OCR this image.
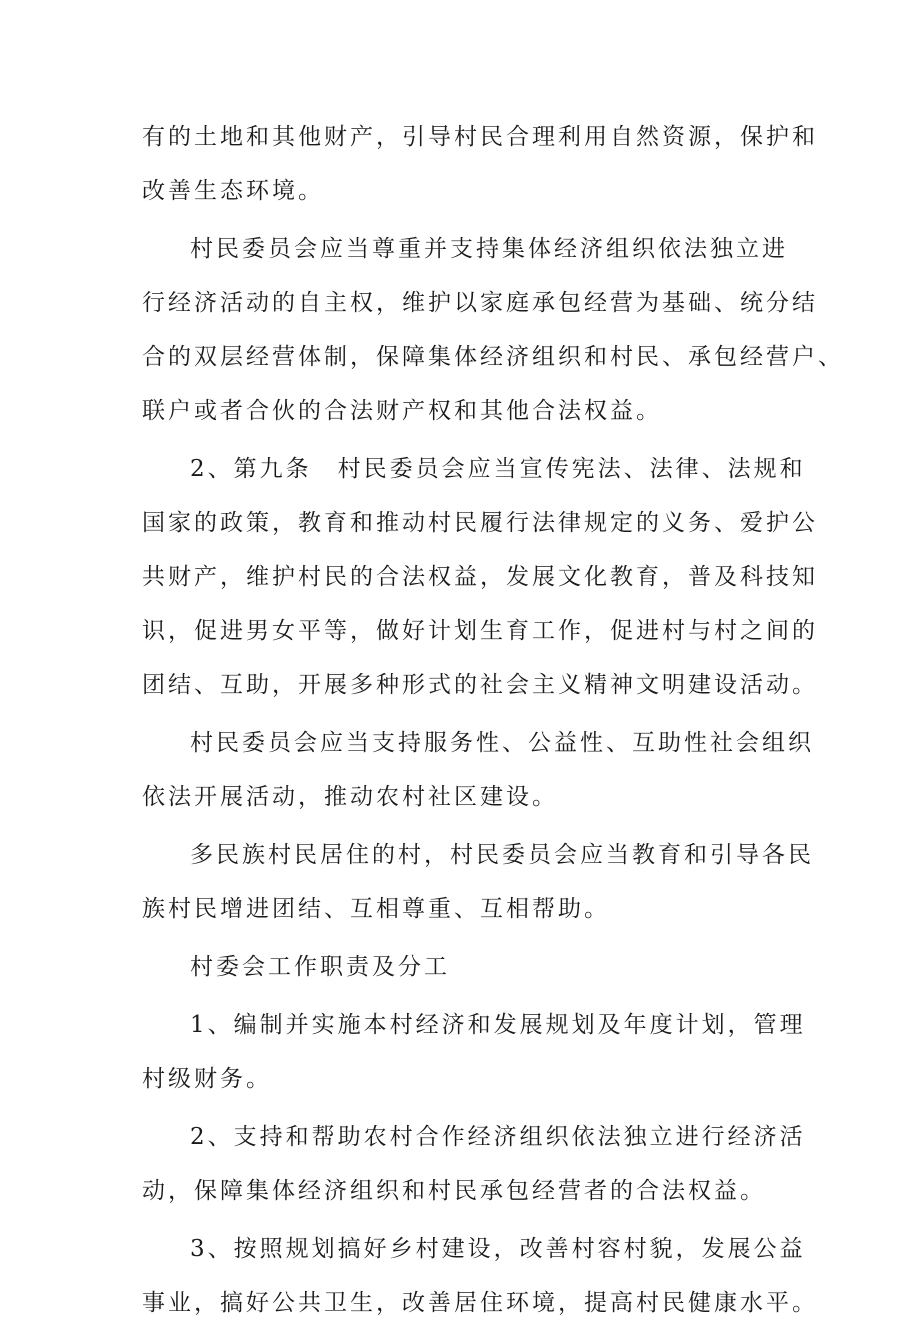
有的土地和其他财产，引导村民合理利用自然资源，保护和
改善生态环境。
村民委员会应当尊重并支持集体经济组织依法独立进
行经济活动的自主权，维护以家庭承包经营为基础、统分结
合的双层经营体制，保障集体经济组织和村民、承包经营户、
联户或者合伙的合法财产权和其他合法权益。
2、第九条　村民委员会应当宣传宪法、法律、法规和
国家的政策，教育和推动村民履行法律规定的义务、爱护公
共财产，维护村民的合法权益，发展文化教育，普及科技知
识，促进男女平等，做好计划生育工作，促进村与村之间的
团结、互助，开展多种形式的社会主义精神文明建设活动。
村民委员会应当支持服务性、公益性、互助性社会组织
依法开展活动，推动农村社区建设。
多民族村民居住的村，村民委员会应当教育和引导各民
族村民增进团结、互相尊重、互相帮助。
村委会工作职责及分工
1、编制并实施本村经济和发展规划及年度计划，管理
村级财务。
2、支持和帮助农村合作经济组织依法独立进行经济活
动，保障集体经济组织和村民承包经营者的合法权益。
3、按照规划搞好乡村建设，改善村容村貌，发展公益
事业，搞好公共卫生，改善居住环境，提高村民健康水平。
